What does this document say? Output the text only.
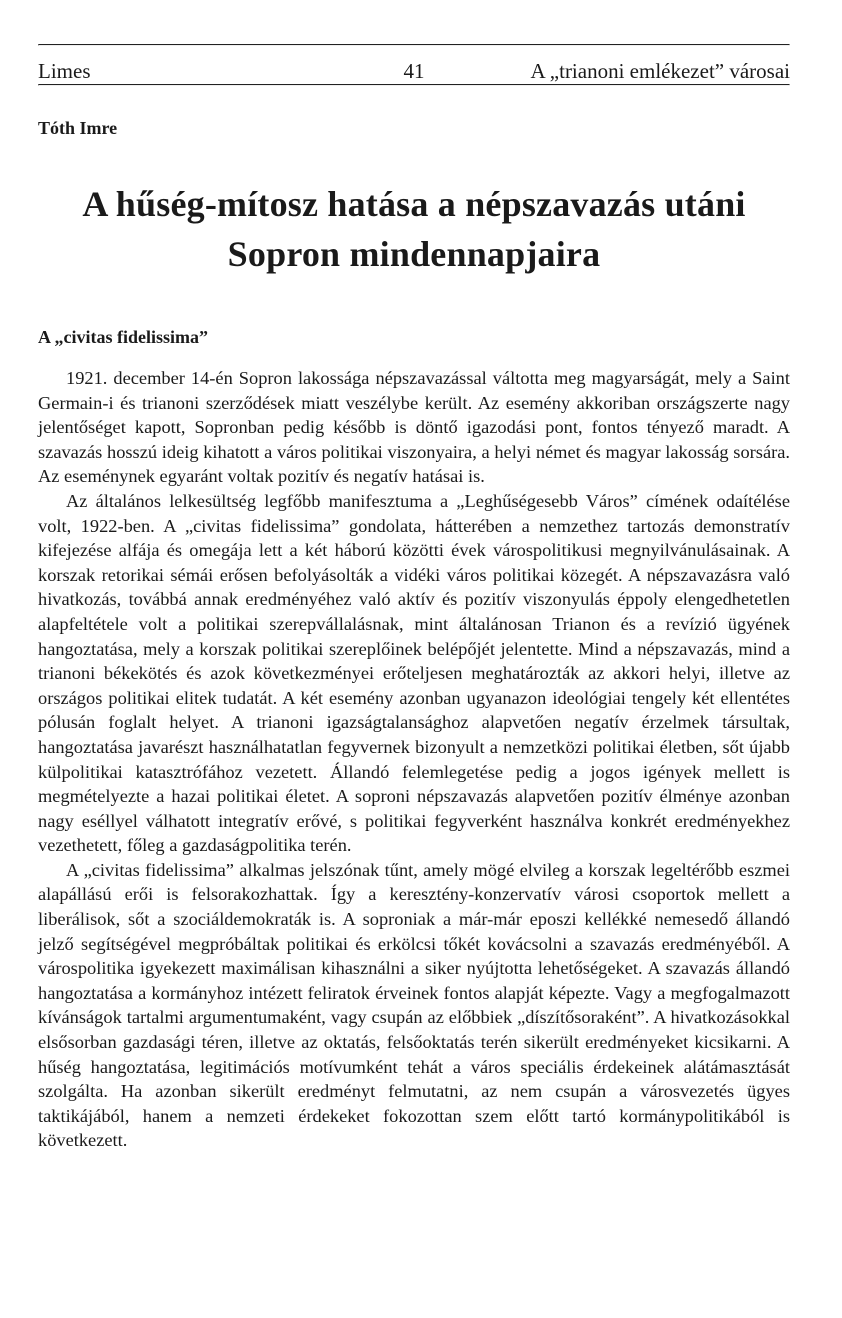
Limes	41	A „trianoni emlékezet” városai
Tóth Imre
A hűség-mítosz hatása a népszavazás utáni
Sopron mindennapjaira
A „civitas fidelissima”

1921. december 14-én Sopron lakossága népszavazással váltotta meg magyarságát, mely a Saint Germain-i és trianoni szerződések miatt veszélybe került. Az esemény akkoriban országszerte nagy jelentőséget kapott, Sopronban pedig később is döntő igazodási pont, fontos tényező maradt. A szavazás hosszú ideig kihatott a város politikai viszonyaira, a helyi német és magyar lakosság sorsára. Az eseménynek egyaránt voltak pozitív és negatív hatásai is.

Az általános lelkesültség legfőbb manifesztuma a „Leghűségesebb Város” címének odaítélése volt, 1922-ben. A „civitas fidelissima” gondolata, hátterében a nemzethez tartozás demonstratív kifejezése alfája és omegája lett a két háború közötti évek várospolitikusi megnyilvánulásainak. A korszak retorikai sémái erősen befolyásolták a vidéki város politikai közegét. A népszavazásra való hivatkozás, továbbá annak eredményéhez való aktív és pozitív viszonyulás éppoly elengedhetetlen alapfeltétele volt a politikai szerepvállalásnak, mint általánosan Trianon és a revízió ügyének hangoztatása, mely a korszak politikai szereplőinek belépőjét jelentette. Mind a népszavazás, mind a trianoni békekötés és azok következményei erőteljesen meghatározták az akkori helyi, illetve az országos politikai elitek tudatát. A két esemény azonban ugyanazon ideológiai tengely két ellentétes pólusán foglalt helyet. A trianoni igazságtalansághoz alapvetően negatív érzelmek társultak, hangoztatása javarészt használhatatlan fegyvernek bizonyult a nemzetközi politikai életben, sőt újabb külpolitikai katasztrófához vezetett. Állandó felemlegetése pedig a jogos igények mellett is megmételyezte a hazai politikai életet. A soproni népszavazás alapvetően pozitív élménye azonban nagy eséllyel válhatott integratív erővé, s politikai fegyverként használva konkrét eredményekhez vezethetett, főleg a gazdaságpolitika terén.

A „civitas fidelissima” alkalmas jelszónak tűnt, amely mögé elvileg a korszak legeltérőbb eszmei alapállású erői is felsorakozhattak. Így a keresztény-konzervatív városi csoportok mellett a liberálisok, sőt a szociáldemokraták is. A soproniak a már-már eposzi kellékké nemesedő állandó jelző segítségével megpróbáltak politikai és erkölcsi tőkét kovácsolni a szavazás eredményéből. A várospolitika igyekezett maximálisan kihasználni a siker nyújtotta lehetőségeket. A szavazás állandó hangoztatása a kormányhoz intézett feliratok érveinek fontos alapját képezte. Vagy a megfogalmazott kívánságok tartalmi argumentumaként, vagy csupán az előbbiek „díszítősoraként”. A hivatkozásokkal elsősorban gazdasági téren, illetve az oktatás, felsőoktatás terén sikerült eredményeket kicsikarni. A hűség hangoztatása, legitimációs motívumként tehát a város speciális érdekeinek alátámasztását szolgálta. Ha azonban sikerült eredményt felmutatni, az nem csupán a városvezetés ügyes taktikájából, hanem a nemzeti érdekeket fokozottan szem előtt tartó kormánypolitikából is következett.
